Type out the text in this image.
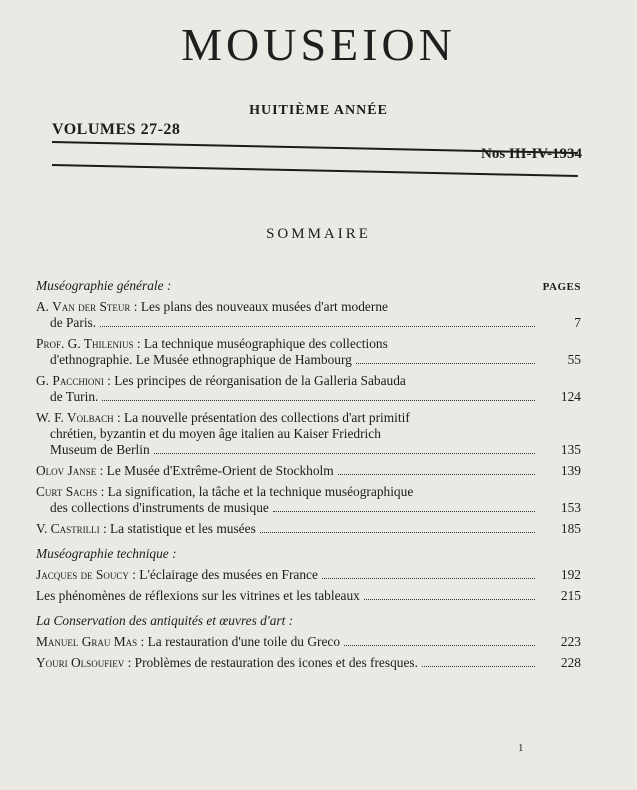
MOUSEION
HUITIÈME ANNÉE
VOLUMES 27-28
Nos III-IV-1934
SOMMAIRE
Muséographie générale :	PAGES
A. Van der Steur : Les plans des nouveaux musées d'art moderne
de Paris.	7
Prof. G. Thilenius : La technique muséographique des collections
d'ethnographie. Le Musée ethnographique de Hambourg	55
G. Pacchioni : Les principes de réorganisation de la Galleria Sabauda
de Turin.	124
W. F. Volbach : La nouvelle présentation des collections d'art primitif
chrétien, byzantin et du moyen âge italien au Kaiser Friedrich
Museum de Berlin	135
Olov Janse : Le Musée d'Extrême-Orient de Stockholm	139
Curt Sachs : La signification, la tâche et la technique muséographique
des collections d'instruments de musique	153
V. Castrilli : La statistique et les musées	185
Muséographie technique :
Jacques de Soucy : L'éclairage des musées en France	192
Les phénomènes de réflexions sur les vitrines et les tableaux	215
La Conservation des antiquités et œuvres d'art :
Manuel Grau Mas : La restauration d'une toile du Greco	223
Youri Olsoufiev : Problèmes de restauration des icones et des fresques.	228
1
